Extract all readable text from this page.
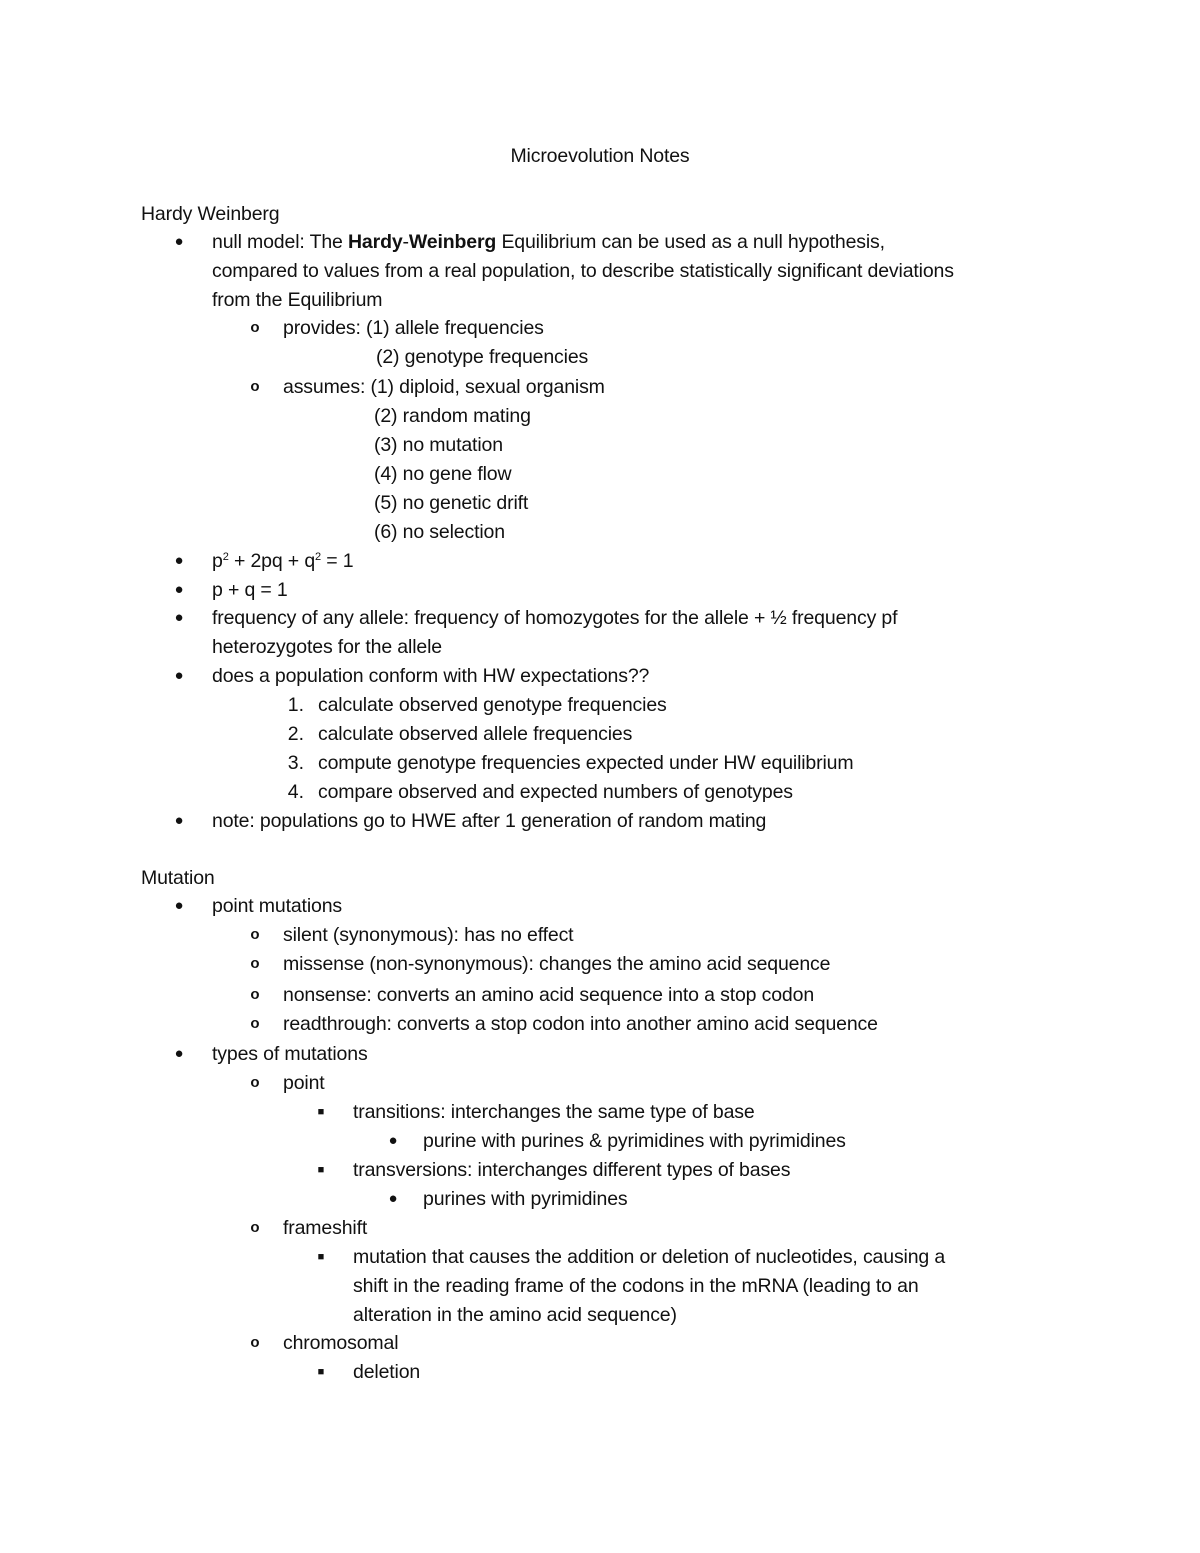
Microevolution Notes
Hardy Weinberg
● null model: The Hardy-Weinberg Equilibrium can be used as a null hypothesis,
compared to values from a real population, to describe statistically significant deviations
from the Equilibrium
o provides: (1) allele frequencies
(2) genotype frequencies
o assumes: (1) diploid, sexual organism
(2) random mating
(3) no mutation
(4) no gene flow
(5) no genetic drift
(6) no selection
● $p^2 + 2pq + q^2 = 1$
● p + q = 1
● frequency of any allele: frequency of homozygotes for the allele + ½ frequency pf
heterozygotes for the allele
● does a population conform with HW expectations??
1. calculate observed genotype frequencies
2. calculate observed allele frequencies
3. compute genotype frequencies expected under HW equilibrium
4. compare observed and expected numbers of genotypes
● note: populations go to HWE after 1 generation of random mating
Mutation
● point mutations
o silent (synonymous): has no effect
o missense (non-synonymous): changes the amino acid sequence
o nonsense: converts an amino acid sequence into a stop codon
o readthrough: converts a stop codon into another amino acid sequence
● types of mutations
o point
■ transitions: interchanges the same type of base
● purine with purines & pyrimidines with pyrimidines
■ transversions: interchanges different types of bases
● purines with pyrimidines
o frameshift
■ mutation that causes the addition or deletion of nucleotides, causing a
shift in the reading frame of the codons in the mRNA (leading to an
alteration in the amino acid sequence)
o chromosomal
■ deletion
